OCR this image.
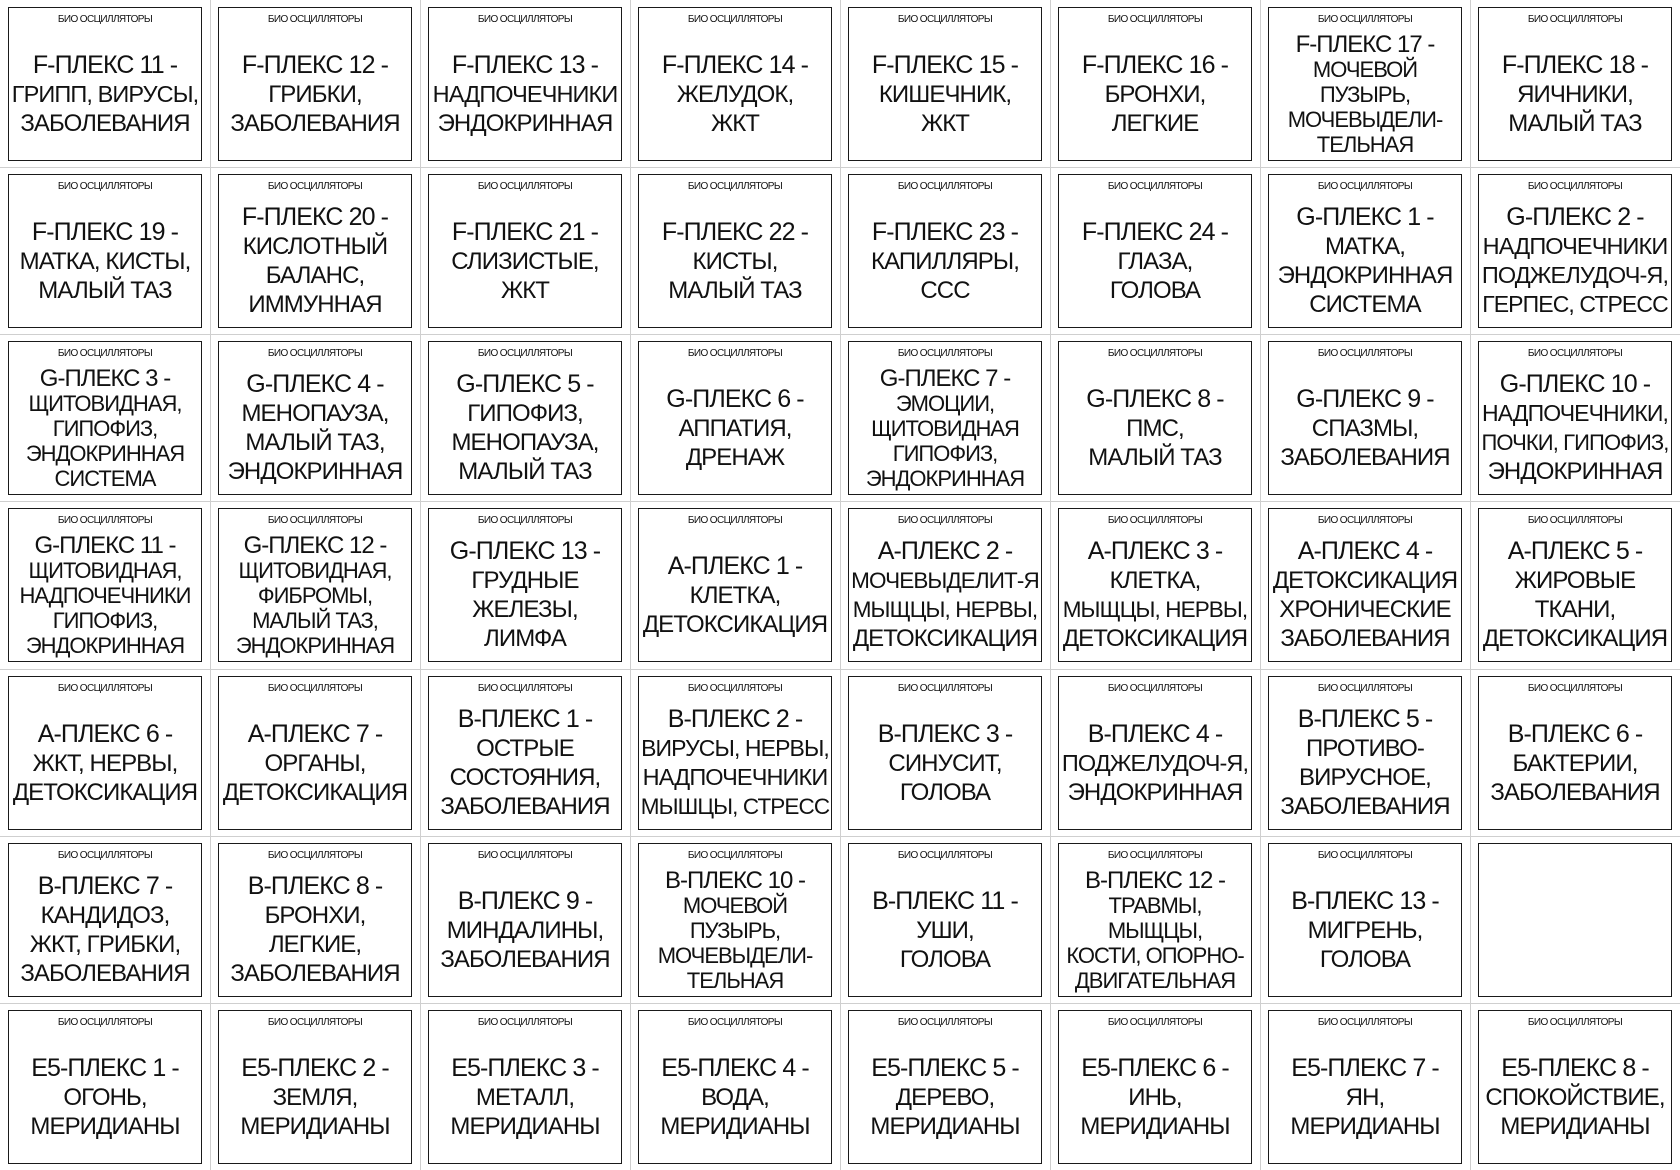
БИО ОСЦИЛЛЯТОРЫ
F-ПЛЕКС 11 -
ГРИПП, ВИРУСЫ,
ЗАБОЛЕВАНИЯ
БИО ОСЦИЛЛЯТОРЫ
F-ПЛЕКС 12 -
ГРИБКИ,
ЗАБОЛЕВАНИЯ
БИО ОСЦИЛЛЯТОРЫ
F-ПЛЕКС 13 -
НАДПОЧЕЧНИКИ
ЭНДОКРИННАЯ
БИО ОСЦИЛЛЯТОРЫ
F-ПЛЕКС 14 -
ЖЕЛУДОК,
ЖКТ
БИО ОСЦИЛЛЯТОРЫ
F-ПЛЕКС 15 -
КИШЕЧНИК,
ЖКТ
БИО ОСЦИЛЛЯТОРЫ
F-ПЛЕКС 16 -
БРОНХИ,
ЛЕГКИЕ
БИО ОСЦИЛЛЯТОРЫ
F-ПЛЕКС 17 -
МОЧЕВОЙ
ПУЗЫРЬ,
МОЧЕВЫДЕЛИ-
ТЕЛЬНАЯ
БИО ОСЦИЛЛЯТОРЫ
F-ПЛЕКС 18 -
ЯИЧНИКИ,
МАЛЫЙ ТАЗ
БИО ОСЦИЛЛЯТОРЫ
F-ПЛЕКС 19 -
МАТКА, КИСТЫ,
МАЛЫЙ ТАЗ
БИО ОСЦИЛЛЯТОРЫ
F-ПЛЕКС 20 -
КИСЛОТНЫЙ
БАЛАНС,
ИММУННАЯ
БИО ОСЦИЛЛЯТОРЫ
F-ПЛЕКС 21 -
СЛИЗИСТЫЕ,
ЖКТ
БИО ОСЦИЛЛЯТОРЫ
F-ПЛЕКС 22 -
КИСТЫ,
МАЛЫЙ ТАЗ
БИО ОСЦИЛЛЯТОРЫ
F-ПЛЕКС 23 -
КАПИЛЛЯРЫ,
ССС
БИО ОСЦИЛЛЯТОРЫ
F-ПЛЕКС 24 -
ГЛАЗА,
ГОЛОВА
БИО ОСЦИЛЛЯТОРЫ
G-ПЛЕКС 1 -
МАТКА,
ЭНДОКРИННАЯ
СИСТЕМА
БИО ОСЦИЛЛЯТОРЫ
G-ПЛЕКС 2 -
НАДПОЧЕЧНИКИ
ПОДЖЕЛУДОЧ-Я,
ГЕРПЕС, СТРЕСС
БИО ОСЦИЛЛЯТОРЫ
G-ПЛЕКС 3 -
ЩИТОВИДНАЯ,
ГИПОФИЗ,
ЭНДОКРИННАЯ
СИСТЕМА
БИО ОСЦИЛЛЯТОРЫ
G-ПЛЕКС 4 -
МЕНОПАУЗА,
МАЛЫЙ ТАЗ,
ЭНДОКРИННАЯ
БИО ОСЦИЛЛЯТОРЫ
G-ПЛЕКС 5 -
ГИПОФИЗ,
МЕНОПАУЗА,
МАЛЫЙ ТАЗ
БИО ОСЦИЛЛЯТОРЫ
G-ПЛЕКС 6 -
АППАТИЯ,
ДРЕНАЖ
БИО ОСЦИЛЛЯТОРЫ
G-ПЛЕКС 7 -
ЭМОЦИИ,
ЩИТОВИДНАЯ
ГИПОФИЗ,
ЭНДОКРИННАЯ
БИО ОСЦИЛЛЯТОРЫ
G-ПЛЕКС 8 -
ПМС,
МАЛЫЙ ТАЗ
БИО ОСЦИЛЛЯТОРЫ
G-ПЛЕКС 9 -
СПАЗМЫ,
ЗАБОЛЕВАНИЯ
БИО ОСЦИЛЛЯТОРЫ
G-ПЛЕКС 10 -
НАДПОЧЕЧНИКИ,
ПОЧКИ, ГИПОФИЗ,
ЭНДОКРИННАЯ
БИО ОСЦИЛЛЯТОРЫ
G-ПЛЕКС 11 -
ЩИТОВИДНАЯ,
НАДПОЧЕЧНИКИ
ГИПОФИЗ,
ЭНДОКРИННАЯ
БИО ОСЦИЛЛЯТОРЫ
G-ПЛЕКС 12 -
ЩИТОВИДНАЯ,
ФИБРОМЫ,
МАЛЫЙ ТАЗ,
ЭНДОКРИННАЯ
БИО ОСЦИЛЛЯТОРЫ
G-ПЛЕКС 13 -
ГРУДНЫЕ
ЖЕЛЕЗЫ,
ЛИМФА
БИО ОСЦИЛЛЯТОРЫ
А-ПЛЕКС 1 -
КЛЕТКА,
ДЕТОКСИКАЦИЯ
БИО ОСЦИЛЛЯТОРЫ
А-ПЛЕКС 2 -
МОЧЕВЫДЕЛИТ-Я
МЫЩЦЫ, НЕРВЫ,
ДЕТОКСИКАЦИЯ
БИО ОСЦИЛЛЯТОРЫ
А-ПЛЕКС 3 -
КЛЕТКА,
МЫЩЦЫ, НЕРВЫ,
ДЕТОКСИКАЦИЯ
БИО ОСЦИЛЛЯТОРЫ
А-ПЛЕКС 4 -
ДЕТОКСИКАЦИЯ
ХРОНИЧЕСКИЕ
ЗАБОЛЕВАНИЯ
БИО ОСЦИЛЛЯТОРЫ
А-ПЛЕКС 5 -
ЖИРОВЫЕ
ТКАНИ,
ДЕТОКСИКАЦИЯ
БИО ОСЦИЛЛЯТОРЫ
А-ПЛЕКС 6 -
ЖКТ, НЕРВЫ,
ДЕТОКСИКАЦИЯ
БИО ОСЦИЛЛЯТОРЫ
А-ПЛЕКС 7 -
ОРГАНЫ,
ДЕТОКСИКАЦИЯ
БИО ОСЦИЛЛЯТОРЫ
В-ПЛЕКС 1 -
ОСТРЫЕ
СОСТОЯНИЯ,
ЗАБОЛЕВАНИЯ
БИО ОСЦИЛЛЯТОРЫ
В-ПЛЕКС 2 -
ВИРУСЫ, НЕРВЫ,
НАДПОЧЕЧНИКИ
МЫШЦЫ, СТРЕСС
БИО ОСЦИЛЛЯТОРЫ
В-ПЛЕКС 3 -
СИНУСИТ,
ГОЛОВА
БИО ОСЦИЛЛЯТОРЫ
В-ПЛЕКС 4 -
ПОДЖЕЛУДОЧ-Я,
ЭНДОКРИННАЯ
БИО ОСЦИЛЛЯТОРЫ
В-ПЛЕКС 5 -
ПРОТИВО-
ВИРУСНОЕ,
ЗАБОЛЕВАНИЯ
БИО ОСЦИЛЛЯТОРЫ
В-ПЛЕКС 6 -
БАКТЕРИИ,
ЗАБОЛЕВАНИЯ
БИО ОСЦИЛЛЯТОРЫ
В-ПЛЕКС 7 -
КАНДИДОЗ,
ЖКТ, ГРИБКИ,
ЗАБОЛЕВАНИЯ
БИО ОСЦИЛЛЯТОРЫ
В-ПЛЕКС 8 -
БРОНХИ,
ЛЕГКИЕ,
ЗАБОЛЕВАНИЯ
БИО ОСЦИЛЛЯТОРЫ
В-ПЛЕКС 9 -
МИНДАЛИНЫ,
ЗАБОЛЕВАНИЯ
БИО ОСЦИЛЛЯТОРЫ
В-ПЛЕКС 10 -
МОЧЕВОЙ
ПУЗЫРЬ,
МОЧЕВЫДЕЛИ-
ТЕЛЬНАЯ
БИО ОСЦИЛЛЯТОРЫ
В-ПЛЕКС 11 -
УШИ,
ГОЛОВА
БИО ОСЦИЛЛЯТОРЫ
В-ПЛЕКС 12 -
ТРАВМЫ,
МЫЩЦЫ,
КОСТИ, ОПОРНО-
ДВИГАТЕЛЬНАЯ
БИО ОСЦИЛЛЯТОРЫ
В-ПЛЕКС 13 -
МИГРЕНЬ,
ГОЛОВА
БИО ОСЦИЛЛЯТОРЫ
Е5-ПЛЕКС 1 -
ОГОНЬ,
МЕРИДИАНЫ
БИО ОСЦИЛЛЯТОРЫ
Е5-ПЛЕКС 2 -
ЗЕМЛЯ,
МЕРИДИАНЫ
БИО ОСЦИЛЛЯТОРЫ
Е5-ПЛЕКС 3 -
МЕТАЛЛ,
МЕРИДИАНЫ
БИО ОСЦИЛЛЯТОРЫ
Е5-ПЛЕКС 4 -
ВОДА,
МЕРИДИАНЫ
БИО ОСЦИЛЛЯТОРЫ
Е5-ПЛЕКС 5 -
ДЕРЕВО,
МЕРИДИАНЫ
БИО ОСЦИЛЛЯТОРЫ
Е5-ПЛЕКС 6 -
ИНЬ,
МЕРИДИАНЫ
БИО ОСЦИЛЛЯТОРЫ
Е5-ПЛЕКС 7 -
ЯН,
МЕРИДИАНЫ
БИО ОСЦИЛЛЯТОРЫ
Е5-ПЛЕКС 8 -
СПОКОЙСТВИЕ,
МЕРИДИАНЫ
